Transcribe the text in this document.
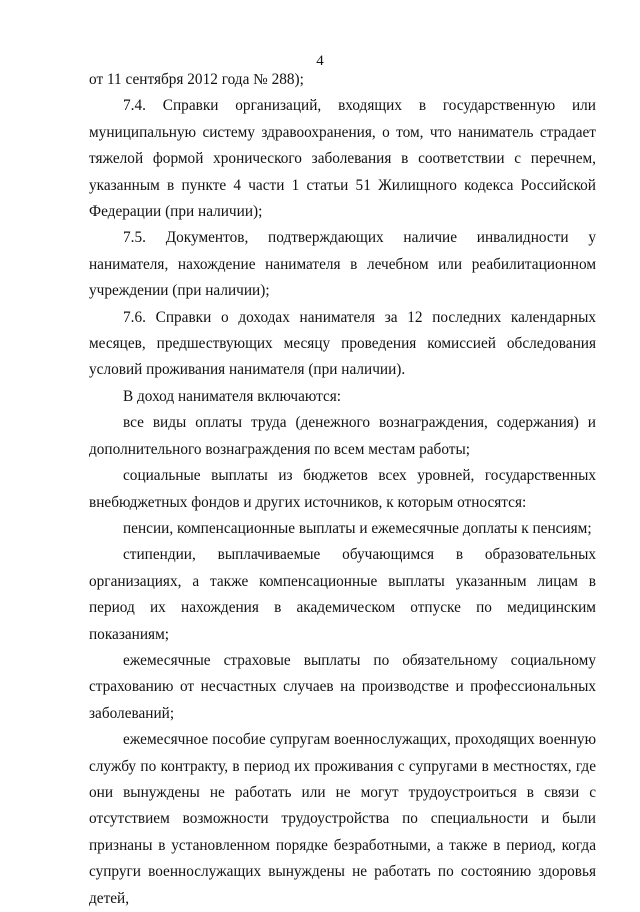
4

от 11 сентября 2012 года № 288);

7.4. Справки организаций, входящих в государственную или муниципальную систему здравоохранения, о том, что наниматель страдает тяжелой формой хронического заболевания в соответствии с перечнем, указанным в пункте 4 части 1 статьи 51 Жилищного кодекса Российской Федерации (при наличии);

7.5. Документов, подтверждающих наличие инвалидности у нанимателя, нахождение нанимателя в лечебном или реабилитационном учреждении (при наличии);

7.6. Справки о доходах нанимателя за 12 последних календарных месяцев, предшествующих месяцу проведения комиссией обследования условий проживания нанимателя (при наличии).

В доход нанимателя включаются:

все виды оплаты труда (денежного вознаграждения, содержания) и дополнительного вознаграждения по всем местам работы;

социальные выплаты из бюджетов всех уровней, государственных внебюджетных фондов и других источников, к которым относятся:

пенсии, компенсационные выплаты и ежемесячные доплаты к пенсиям;

стипендии, выплачиваемые обучающимся в образовательных организациях, а также компенсационные выплаты указанным лицам в период их нахождения в академическом отпуске по медицинским показаниям;

ежемесячные страховые выплаты по обязательному социальному страхованию от несчастных случаев на производстве и профессиональных заболеваний;

ежемесячное пособие супругам военнослужащих, проходящих военную службу по контракту, в период их проживания с супругами в местностях, где они вынуждены не работать или не могут трудоустроиться в связи с отсутствием возможности трудоустройства по специальности и были признаны в установленном порядке безработными, а также в период, когда супруги военнослужащих вынуждены не работать по состоянию здоровья детей,
